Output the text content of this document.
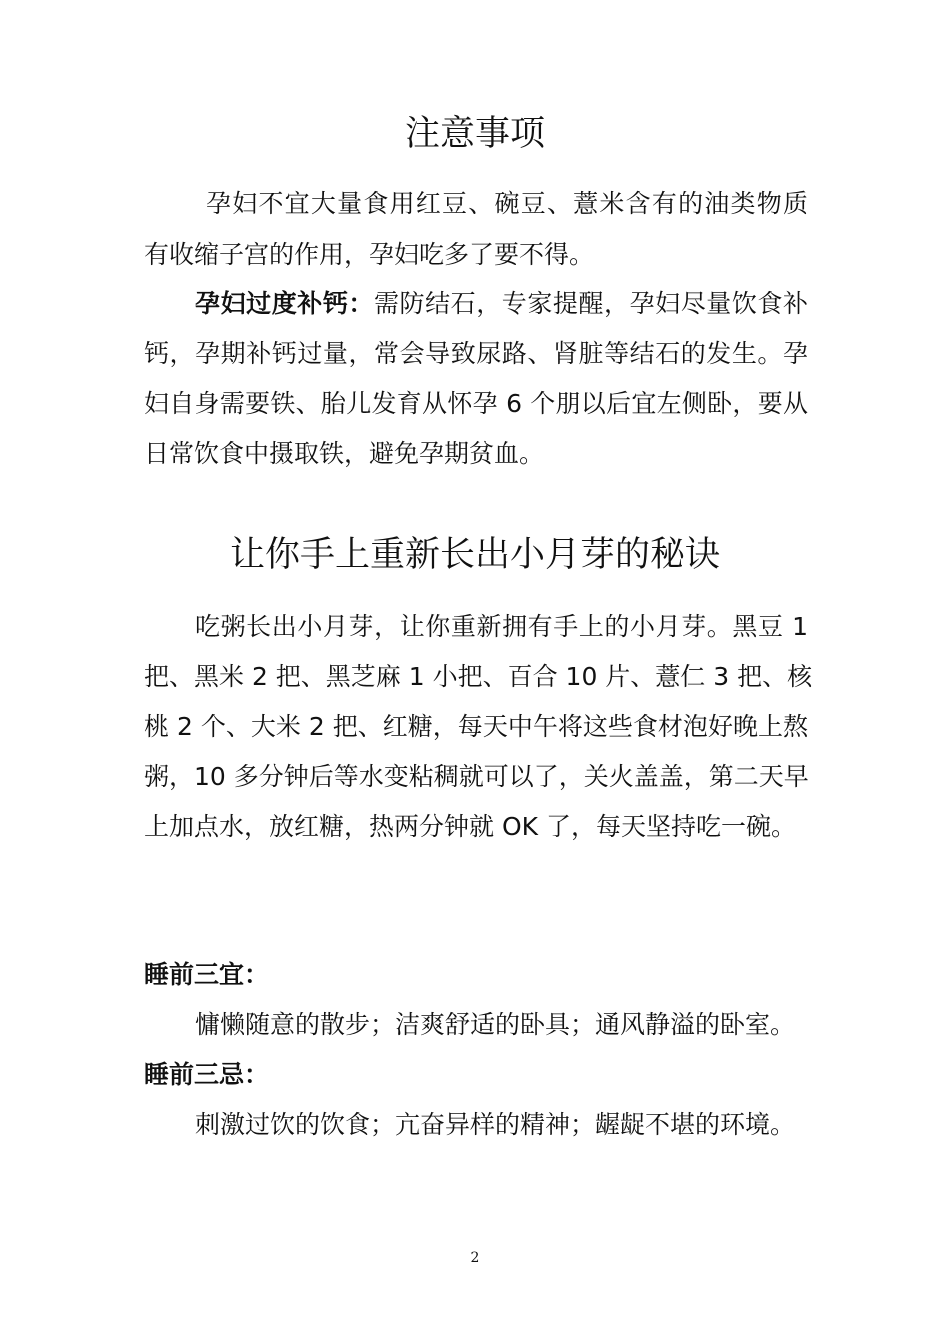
注意事项

孕妇不宜大量食用红豆、碗豆、薏米含有的油类物质

有收缩子宫的作用，孕妇吃多了要不得。

孕妇过度补钙：需防结石，专家提醒，孕妇尽量饮食补

钙，孕期补钙过量，常会导致尿路、肾脏等结石的发生。孕

妇自身需要铁、胎儿发育从怀孕 6 个朋以后宜左侧卧，要从

日常饮食中摄取铁，避免孕期贫血。

让你手上重新长出小月芽的秘诀

吃粥长出小月芽，让你重新拥有手上的小月芽。黑豆 1

把、黑米 2 把、黑芝麻 1 小把、百合 10 片、薏仁 3 把、核

桃 2 个、大米 2 把、红糖，每天中午将这些食材泡好晚上熬

粥，10 多分钟后等水变粘稠就可以了，关火盖盖，第二天早

上加点水，放红糖，热两分钟就 OK 了，每天坚持吃一碗。

睡前三宜：

慵懒随意的散步；洁爽舒适的卧具；通风静溢的卧室。

睡前三忌：

刺激过饮的饮食；亢奋异样的精神；龌龊不堪的环境。

2
